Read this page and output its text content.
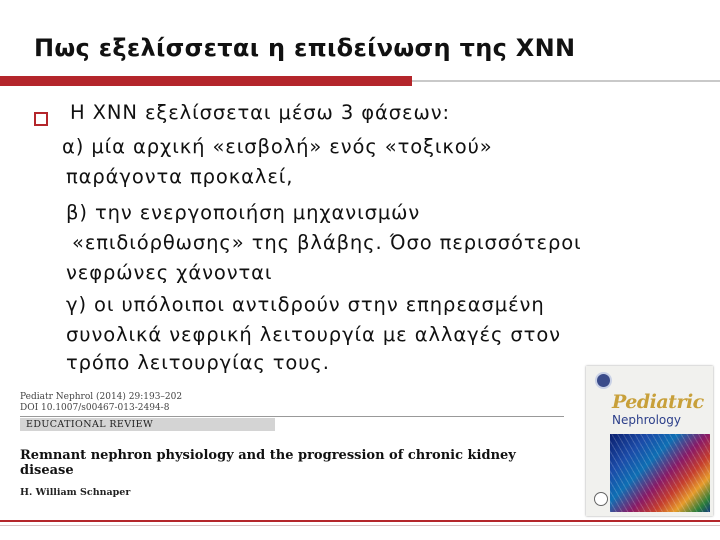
Πως εξελίσσεται η επιδείνωση της ΧΝΝ

Η ΧΝΝ εξελίσσεται μέσω 3 φάσεων:

α) μία αρχική «εισβολή» ενός «τοξικού»

παράγοντα προκαλεί,

β) την ενεργοποιήση μηχανισμών

«επιδιόρθωσης» της βλάβης. Όσο περισσότεροι

νεφρώνες χάνονται

γ) οι υπόλοιποι αντιδρούν στην επηρεασμένη

συνολικά νεφρική λειτουργία με αλλαγές στον

τρόπο λειτουργίας τους.

Pediatr Nephrol (2014) 29:193–202
DOI 10.1007/s00467-013-2494-8
EDUCATIONAL REVIEW
Remnant nephron physiology and the progression of chronic kidney disease
H. William Schnaper
Pediatric
Nephrology
